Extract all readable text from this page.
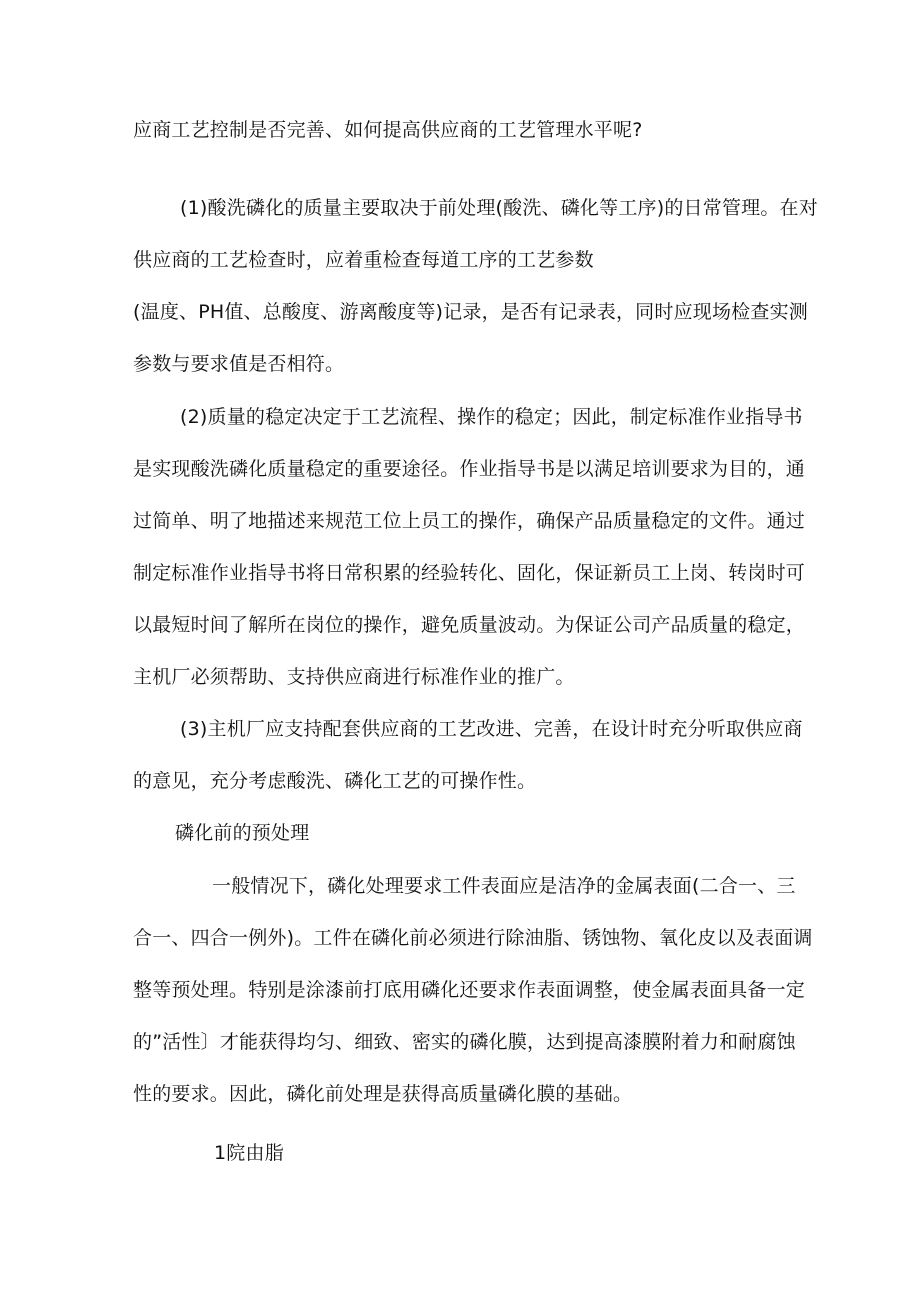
应商工艺控制是否完善、如何提高供应商的工艺管理水平呢?
(1)酸洗磷化的质量主要取决于前处理(酸洗、磷化等工序)的日常管理。在对
供应商的工艺检查时，应着重检查每道工序的工艺参数
(温度、PH值、总酸度、游离酸度等)记录，是否有记录表，同时应现场检查实测
参数与要求值是否相符。
(2)质量的稳定决定于工艺流程、操作的稳定；因此，制定标准作业指导书
是实现酸洗磷化质量稳定的重要途径。作业指导书是以满足培训要求为目的，通
过简单、明了地描述来规范工位上员工的操作，确保产品质量稳定的文件。通过
制定标准作业指导书将日常积累的经验转化、固化，保证新员工上岗、转岗时可
以最短时间了解所在岗位的操作，避免质量波动。为保证公司产品质量的稳定，
主机厂必须帮助、支持供应商进行标准作业的推广。
(3)主机厂应支持配套供应商的工艺改进、完善，在设计时充分听取供应商
的意见，充分考虑酸洗、磷化工艺的可操作性。
磷化前的预处理
一般情况下，磷化处理要求工件表面应是洁净的金属表面(二合一、三
合一、四合一例外)。工件在磷化前必须进行除油脂、锈蚀物、氧化皮以及表面调
整等预处理。特别是涂漆前打底用磷化还要求作表面调整，使金属表面具备一定
的”活性〕才能获得均匀、细致、密实的磷化膜，达到提高漆膜附着力和耐腐蚀
性的要求。因此，磷化前处理是获得高质量磷化膜的基础。
1院由脂
